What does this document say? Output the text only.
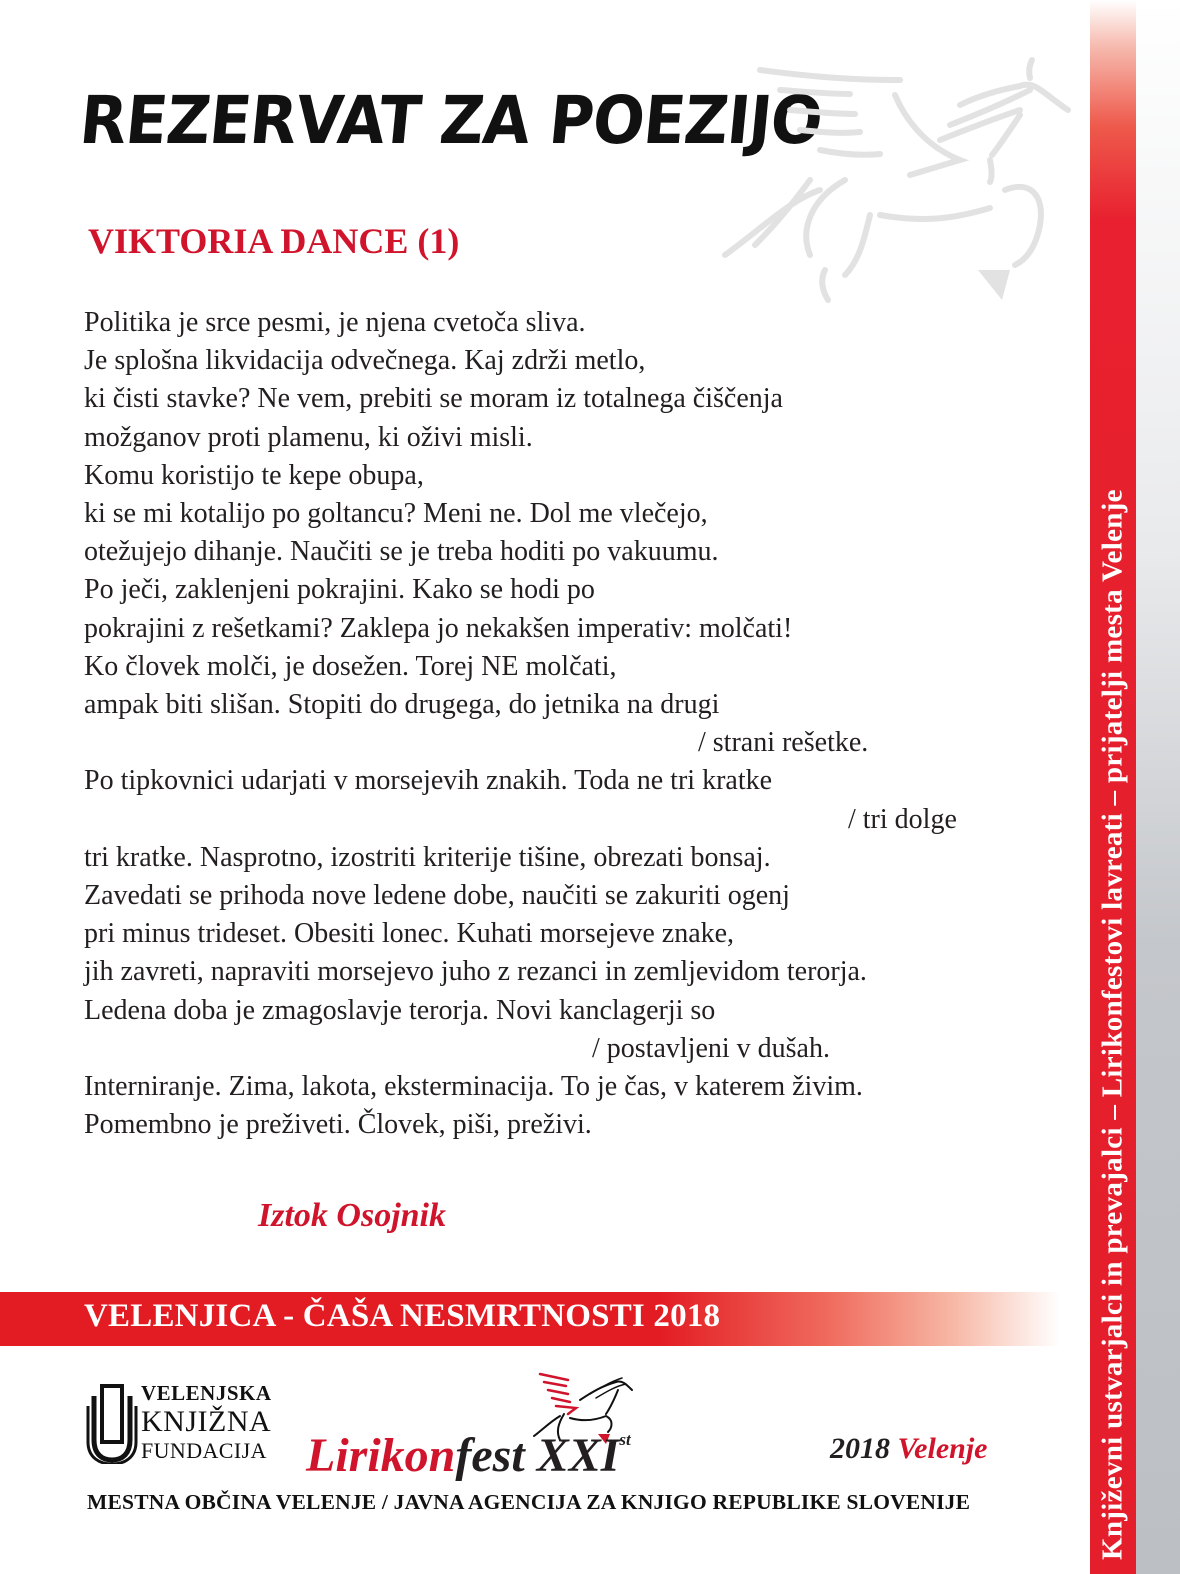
Književni ustvarjalci in prevajalci – Lirikonfestovi lavreati – prijatelji mesta Velenje
REZERVAT ZA POEZIJO
VIKTORIA DANCE (1)
Politika je srce pesmi, je njena cvetoča sliva.
Je splošna likvidacija odvečnega. Kaj zdrži metlo,
ki čisti stavke? Ne vem, prebiti se moram iz totalnega čiščenja
možganov proti plamenu, ki oživi misli.
Komu koristijo te kepe obupa,
ki se mi kotalijo po goltancu? Meni ne. Dol me vlečejo,
otežujejo dihanje. Naučiti se je treba hoditi po vakuumu.
Po ječi, zaklenjeni pokrajini. Kako se hodi po
pokrajini z rešetkami? Zaklepa jo nekakšen imperativ: molčati!
Ko človek molči, je dosežen. Torej NE molčati,
ampak biti slišan. Stopiti do drugega, do jetnika na drugi
/ strani rešetke.
Po tipkovnici udarjati v morsejevih znakih. Toda ne tri kratke
/ tri dolge
tri kratke. Nasprotno, izostriti kriterije tišine, obrezati bonsaj.
Zavedati se prihoda nove ledene dobe, naučiti se zakuriti ogenj
pri minus trideset. Obesiti lonec. Kuhati morsejeve znake,
jih zavreti, napraviti morsejevo juho z rezanci in zemljevidom terorja.
Ledena doba je zmagoslavje terorja. Novi kanclagerji so
/ postavljeni v dušah.
Interniranje. Zima, lakota, eksterminacija. To je čas, v katerem živim.
Pomembno je preživeti. Človek, piši, preživi.

Iztok Osojnik

VELENJICA - ČAŠA NESMRTNOSTI 2018
VELENJSKA
KNJIŽNA
FUNDACIJA Lirikonfest XXIst	2018 Velenje
MESTNA OBČINA VELENJE / JAVNA AGENCIJA ZA KNJIGO REPUBLIKE SLOVENIJE
